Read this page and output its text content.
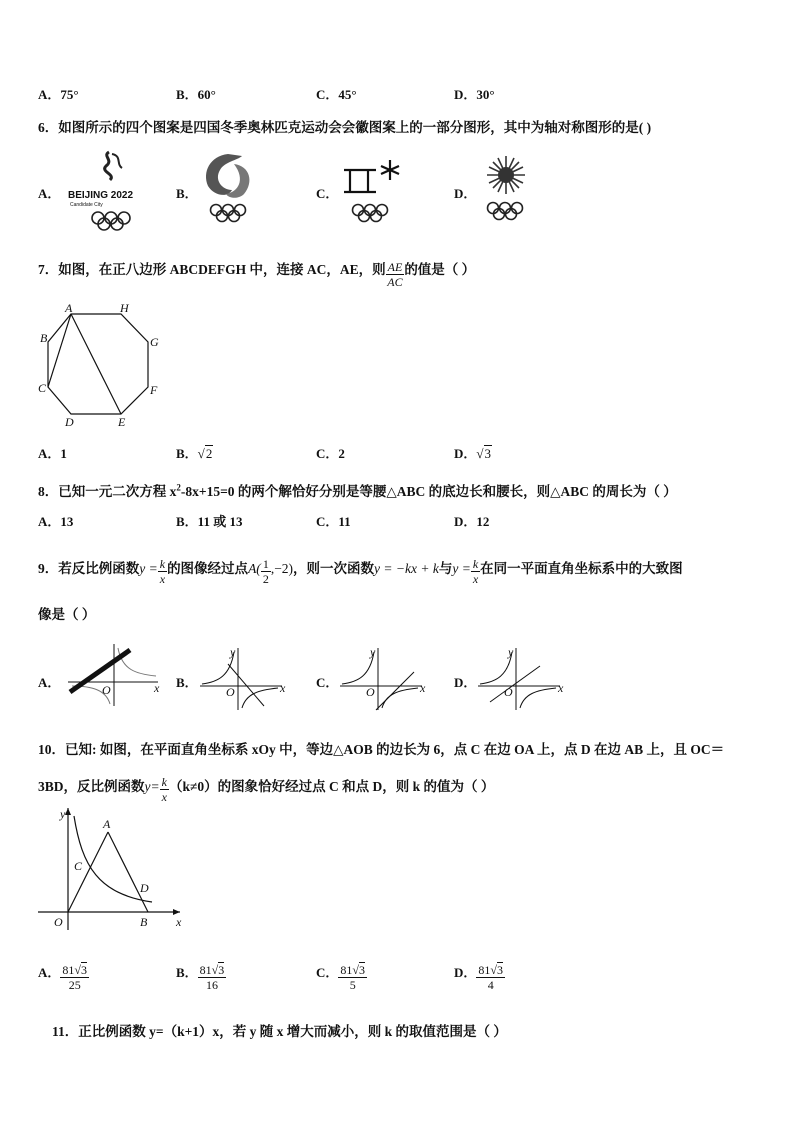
A．75°	B．60°	C．45°	D．30°
6．如图所示的四个图案是四国冬季奥林匹克运动会会徽图案上的一部分图形，其中为轴对称图形的是( )
A．	B．	C．	D．
BEIJING 2022
Candidate City
7．如图，在正八边形 ABCDEFGH 中，连接 AC，AE，则 $\frac{AE}{AC}$ 的值是（ ）
A	H
B	G
C	F
D	E
A．1	B．√2	C．2	D．√3
8．已知一元二次方程 $x^2-8x+15=0$ 的两个解恰好分别是等腰△ABC 的底边长和腰长，则△ABC 的周长为（ ）
A．13	B．11 或 13	C．11	D．12
9．若反比例函数$y = \frac{k}{x}$ 的图像经过点$A( \frac{1}{2} ,-2)$，则一次函数y = −kx + k与$y = \frac{k}{x}$ 在同一平面直角坐标系中的大致图
像是（ ）
A．	B．	C．	D．
x
O
y
x
O
y
x
O
y
x
O
10．已知: 如图，在平面直角坐标系 xOy 中，等边△AOB 的边长为 6，点 C 在边 OA 上，点 D 在边 AB 上，且 OC＝
3BD，反比例函数$y= \frac{k}{x} (k\ne 0)$的图象恰好经过点 C 和点 D，则 k 的值为（ ）
y
A
C
D
O	B x
A． $\frac{81√3}{25}$	B． $\frac{81√3}{16}$	C． $\frac{81√3}{5}$	D． $\frac{81√3}{4}$
11．正比例函数 y=（k+1）x，若 y 随 x 增大而减小，则 k 的取值范围是（ ）
